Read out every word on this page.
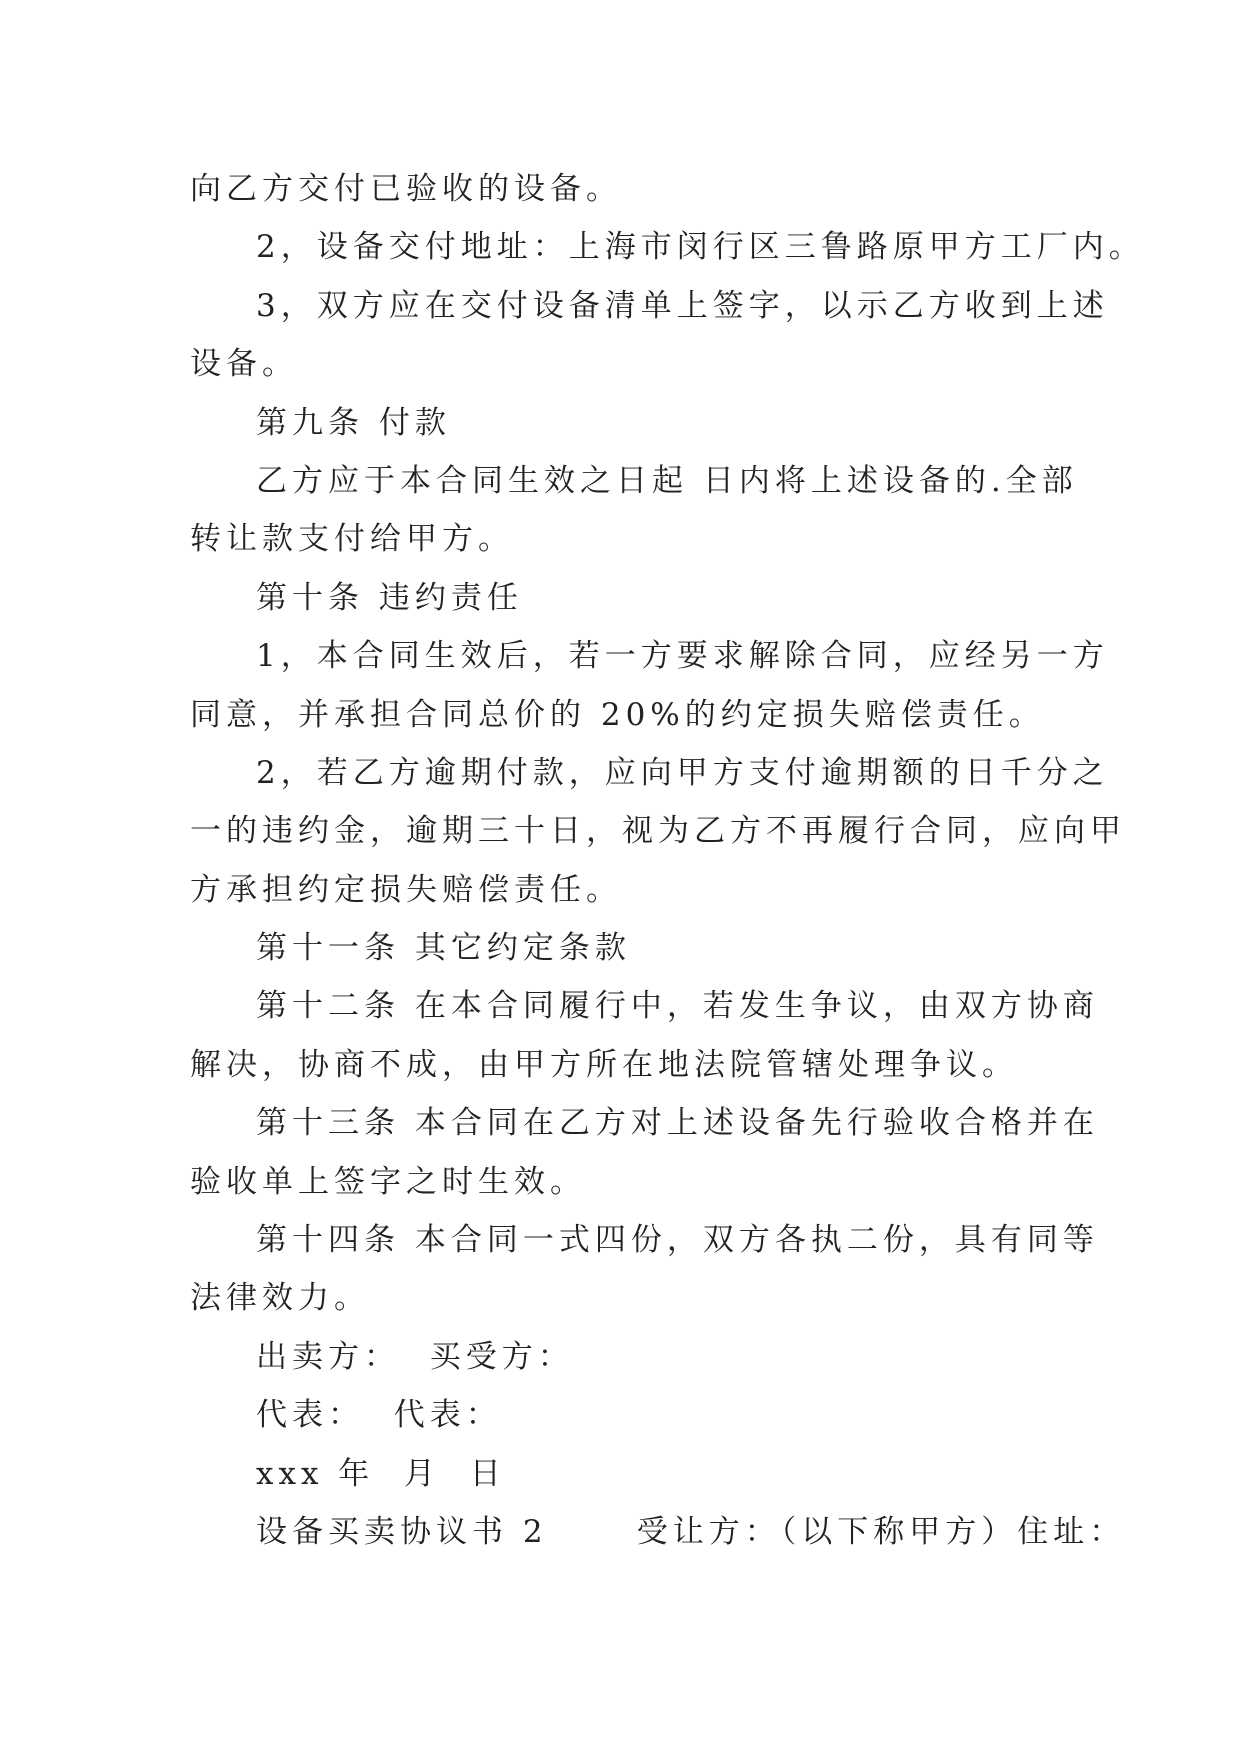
向乙方交付已验收的设备。
2，设备交付地址：上海市闵行区三鲁路原甲方工厂内。
3，双方应在交付设备清单上签字，以示乙方收到上述
设备。
第九条 付款
乙方应于本合同生效之日起 日内将上述设备的.全部
转让款支付给甲方。
第十条 违约责任
1，本合同生效后，若一方要求解除合同，应经另一方
同意，并承担合同总价的 20%的约定损失赔偿责任。
2，若乙方逾期付款，应向甲方支付逾期额的日千分之
一的违约金，逾期三十日，视为乙方不再履行合同，应向甲
方承担约定损失赔偿责任。
第十一条 其它约定条款
第十二条 在本合同履行中，若发生争议，由双方协商
解决，协商不成，由甲方所在地法院管辖处理争议。
第十三条 本合同在乙方对上述设备先行验收合格并在
验收单上签字之时生效。
第十四条 本合同一式四份，双方各执二份，具有同等
法律效力。
出卖方：  买受方：
代表：  代表：
xxx 年  月  日
设备买卖协议书 2      受让方：（以下称甲方）住址：
